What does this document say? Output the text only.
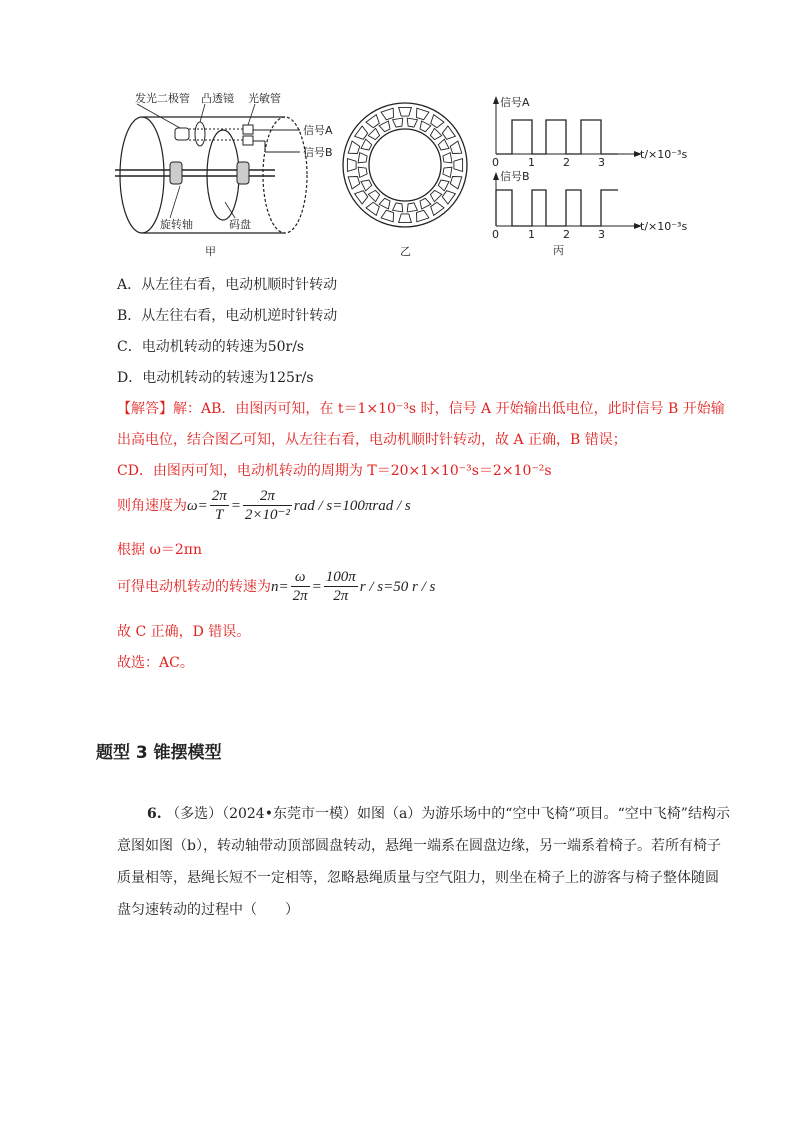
发光二极管 凸透镜 光敏管
信号A
信号B
旋转轴	码盘
甲	乙
信号A
t/×10⁻³s
0	1	2	3
信号B
t/×10⁻³s
0	1	2	3
丙
A．从左往右看，电动机顺时针转动
B．从左往右看，电动机逆时针转动
C．电动机转动的转速为50r/s
D．电动机转动的转速为125r/s
【解答】解：AB．由图丙可知，在 t＝1×10⁻³s 时，信号 A 开始输出低电位，此时信号 B 开始输
出高电位，结合图乙可知，从左往右看，电动机顺时针转动，故 A 正确，B 错误；
CD．由图丙可知，电动机转动的周期为 T＝20×1×10⁻³s＝2×10⁻²s
则角速度为 $\omega = \frac{2\pi}{T} = \frac{2\pi}{\text{2×10⁻²}}$ rad / s = 100πrad / s
根据 ω＝2πn
可得电动机转动的转速为 $n = \frac{\omega}{2\pi} = \frac{100\pi}{2\pi}$ r / s = 50 r / s
故 C 正确，D 错误。
故选：AC。
题型 3 锥摆模型
6. （多选）（2024•东莞市一模）如图（a）为游乐场中的“空中飞椅”项目。“空中飞椅”结构示意图如图（b），转动轴带动顶部圆盘转动，悬绳一端系在圆盘边缘，另一端系着椅子。若所有椅子质量相等，悬绳长短不一定相等，忽略悬绳质量与空气阻力，则坐在椅子上的游客与椅子整体随圆盘匀速转动的过程中（　　）
